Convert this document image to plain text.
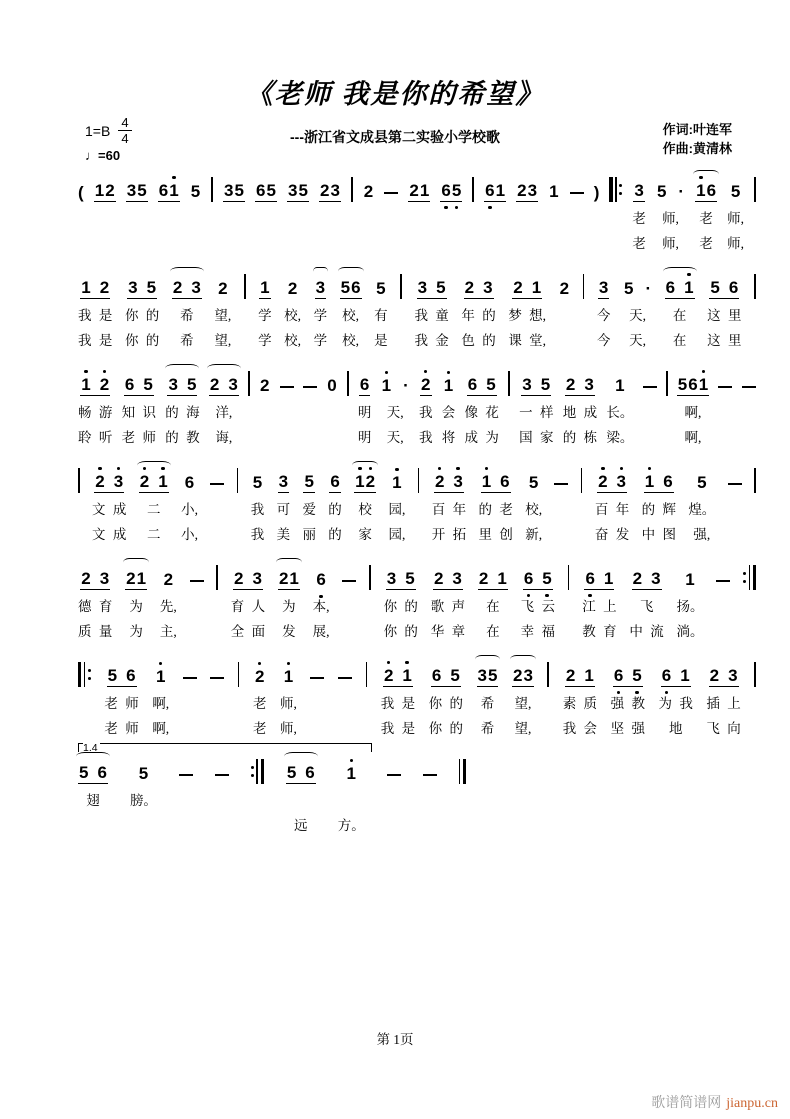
《老师 我是你的希望》
1=B 4
4
♩=60
---浙江省文成县第二实验小学校歌	作词:叶连军
作曲:黄清林
( 1 2 3 5 6 1 5 3 5 6 5 3 5 2 3 2 2 1 6 5 6 1 2 3 1 ) 3
老
老
5 ·
师,
师,
1 6
老
老
5
师,
师,
1 2
我 是
我 是
3 5
你 的
你 的
2 3
希
希
2
望,
望,
1
学
学
2
校,
校,
3
学
学
5 6
校,
校,
5
有
是
3 5
我 童
我 金
2 3
年 的
色 的
2 1
梦 想,
课 堂,
2 3
今
今
5 ·
天,
天,
6 1
在
在
5 6
这 里
这 里
1 2
畅 游
聆 听
6 5
知 识
老 师
3 5
的 海
的 教
2 3
洋,
诲,
2	0 6
明
明
1 ·
天,
天,
2
我
我
1
会
将
6 5
像 花
成 为
3 5
一 样
国 家
2 3
地 成
的 栋
1
长。
梁。
5 6 1
啊,
啊,
2 3
文 成
文 成
2 1
二
二
6
小,
小,
5
我
我
3
可
美
5
爱
丽
6
的
的
1 2
校
家
1
园,
园,
2 3
百 年
开 拓
1 6
的 老
里 创
5
校,
新,
2 3
百 年
奋 发
1 6
的 辉
中 图
5
煌。
强,
2 3
德 育
质 量
2 1
为
为
2
先,
主,
2 3
育 人
全 面
2 1
为
发
6
本,
展,
3 5
你 的
你 的
2 3
歌 声
华 章
2 1
在
在
6 5
飞 云
幸 福
6 1
江 上
教 育
2 3
飞
中 流
1
扬。
淌。
5 6
老 师
老 师
1
啊,
啊,
2
老
老
1
师,
师,
2 1
我 是
我 是
6 5
你 的
你 的
3 5
希
希
2 3
望,
望,
2 1
素 质
我 会
6 5
强 教
坚 强
6 1
为 我
地
2 3
插 上
飞 向
1.4
5 6
翅
5
膀。
5 6
远
1
方。
第 1页
歌谱简谱网 jianpu.cn
